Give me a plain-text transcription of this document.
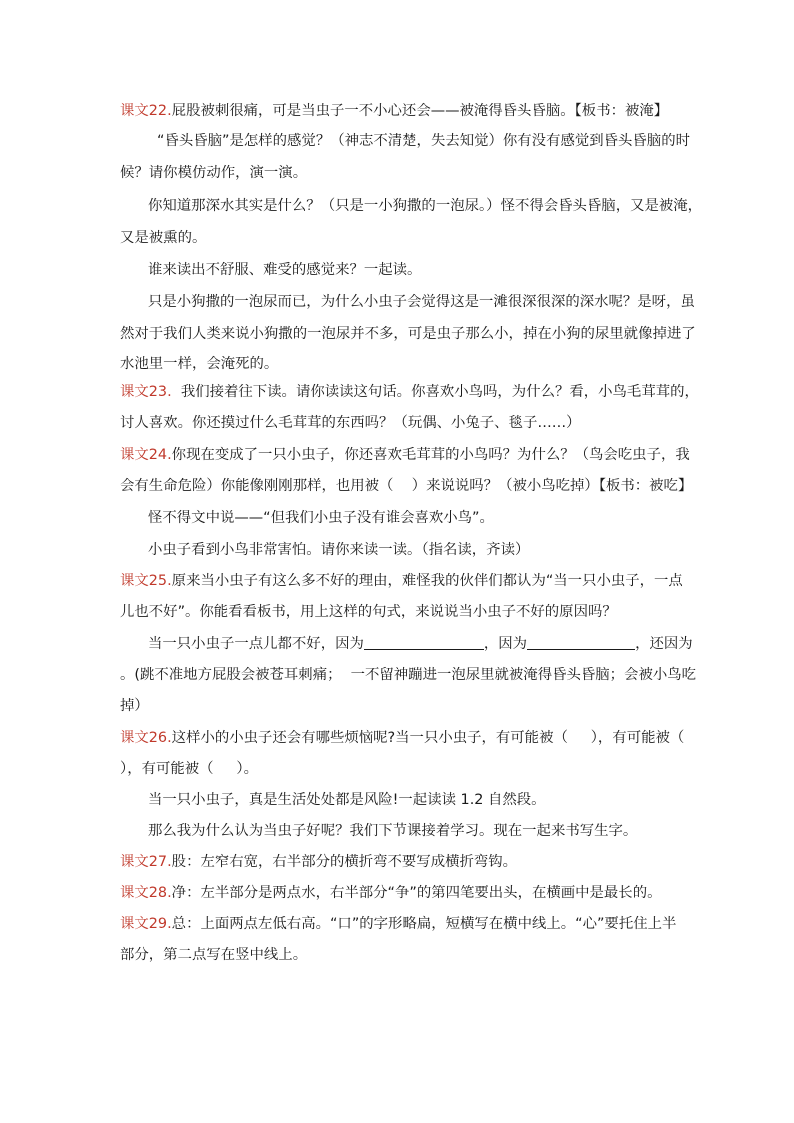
课文22.屁股被刺很痛，可是当虫子一不小心还会——被淹得昏头昏脑。【板书：被淹】
“昏头昏脑”是怎样的感觉？（神志不清楚，失去知觉）你有没有感觉到昏头昏脑的时
候？请你模仿动作，演一演。
你知道那深水其实是什么？（只是一小狗撒的一泡尿。）怪不得会昏头昏脑，又是被淹，
又是被熏的。
谁来读出不舒服、难受的感觉来？一起读。
只是小狗撒的一泡尿而已，为什么小虫子会觉得这是一滩很深很深的深水呢？是呀，虽
然对于我们人类来说小狗撒的一泡尿并不多，可是虫子那么小，掉在小狗的尿里就像掉进了
水池里一样，会淹死的。
课文23.  我们接着往下读。请你读读这句话。你喜欢小鸟吗，为什么？看，小鸟毛茸茸的，
讨人喜欢。你还摸过什么毛茸茸的东西吗？（玩偶、小兔子、毯子……）
课文24.你现在变成了一只小虫子，你还喜欢毛茸茸的小鸟吗？为什么？（鸟会吃虫子，我
会有生命危险）你能像刚刚那样，也用被（    ）来说说吗？（被小鸟吃掉）【板书：被吃】
怪不得文中说——“但我们小虫子没有谁会喜欢小鸟”。
小虫子看到小鸟非常害怕。请你来读一读。（指名读，齐读）
课文25.原来当小虫子有这么多不好的理由，难怪我的伙伴们都认为“当一只小虫子，一点
儿也不好”。你能看看板书，用上这样的句式，来说说当小虫子不好的原因吗？
当一只小虫子一点儿都不好，因为	，因为	，还因为
。(跳不准地方屁股会被苍耳刺痛；  一不留神蹦进一泡尿里就被淹得昏头昏脑；会被小鸟吃
掉）
课文26.这样小的小虫子还会有哪些烦恼呢?当一只小虫子，有可能被（     ），有可能被（
），有可能被（     ）。
当一只小虫子，真是生活处处都是风险!一起读读 1.2 自然段。
那么我为什么认为当虫子好呢？我们下节课接着学习。现在一起来书写生字。
课文27.股：左窄右宽，右半部分的横折弯不要写成横折弯钩。
课文28.净：左半部分是两点水，右半部分“争”的第四笔要出头，在横画中是最长的。
课文29.总：上面两点左低右高。“口”的字形略扁，短横写在横中线上。“心”要托住上半
部分，第二点写在竖中线上。
